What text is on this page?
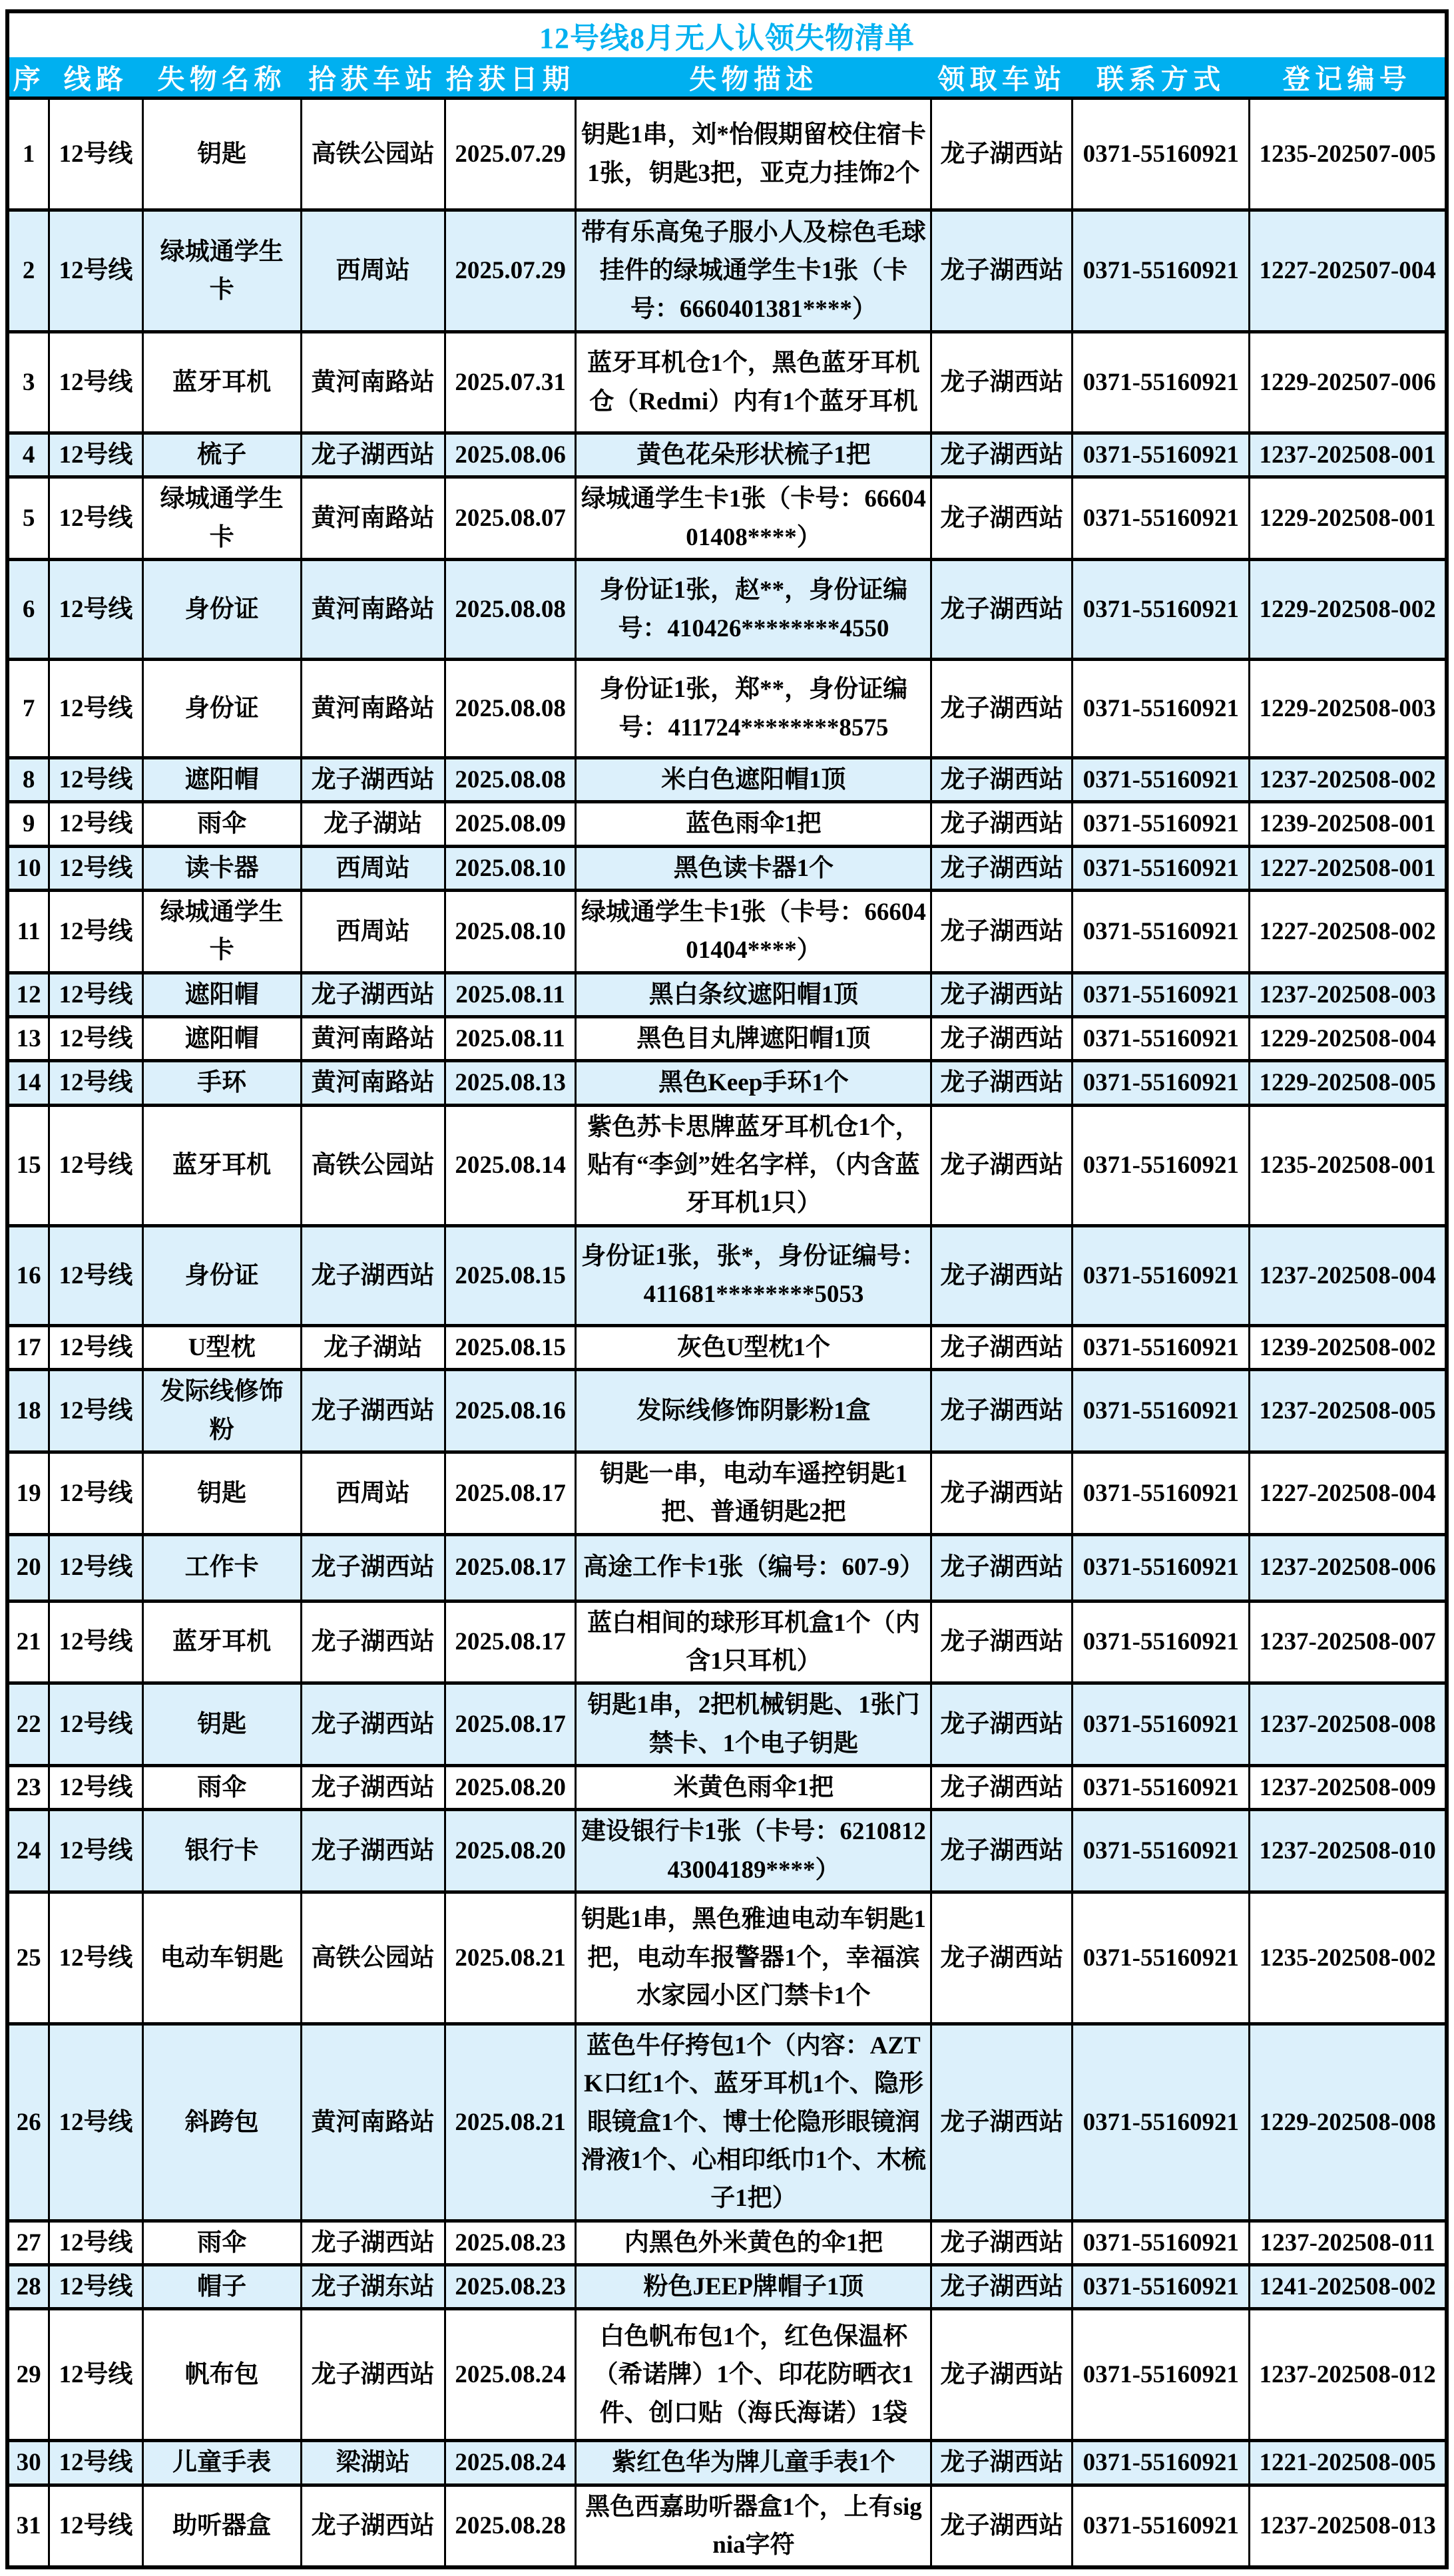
12号线8月无人认领失物清单								
序	线路	失物名称	拾获车站	拾获日期	失物描述	领取车站	联系方式	登记编号
1	12号线	钥匙	高铁公园站	2025.07.29	钥匙1串，刘*怡假期留校住宿卡1张，钥匙3把，亚克力挂饰2个	龙子湖西站	0371-55160921	1235-202507-005
2	12号线	绿城通学生卡	西周站	2025.07.29	带有乐高兔子服小人及棕色毛球挂件的绿城通学生卡1张（卡号：6660401381****）	龙子湖西站	0371-55160921	1227-202507-004
3	12号线	蓝牙耳机	黄河南路站	2025.07.31	蓝牙耳机仓1个，黑色蓝牙耳机仓（Redmi）内有1个蓝牙耳机	龙子湖西站	0371-55160921	1229-202507-006
4	12号线	梳子	龙子湖西站	2025.08.06	黄色花朵形状梳子1把	龙子湖西站	0371-55160921	1237-202508-001
5	12号线	绿城通学生卡	黄河南路站	2025.08.07	绿城通学生卡1张（卡号：6660401408****）	龙子湖西站	0371-55160921	1229-202508-001
6	12号线	身份证	黄河南路站	2025.08.08	身份证1张，赵**，身份证编号：410426********4550	龙子湖西站	0371-55160921	1229-202508-002
7	12号线	身份证	黄河南路站	2025.08.08	身份证1张，郑**，身份证编号：411724********8575	龙子湖西站	0371-55160921	1229-202508-003
8	12号线	遮阳帽	龙子湖西站	2025.08.08	米白色遮阳帽1顶	龙子湖西站	0371-55160921	1237-202508-002
9	12号线	雨伞	龙子湖站	2025.08.09	蓝色雨伞1把	龙子湖西站	0371-55160921	1239-202508-001
10	12号线	读卡器	西周站	2025.08.10	黑色读卡器1个	龙子湖西站	0371-55160921	1227-202508-001
11	12号线	绿城通学生卡	西周站	2025.08.10	绿城通学生卡1张（卡号：6660401404****）	龙子湖西站	0371-55160921	1227-202508-002
12	12号线	遮阳帽	龙子湖西站	2025.08.11	黑白条纹遮阳帽1顶	龙子湖西站	0371-55160921	1237-202508-003
13	12号线	遮阳帽	黄河南路站	2025.08.11	黑色目丸牌遮阳帽1顶	龙子湖西站	0371-55160921	1229-202508-004
14	12号线	手环	黄河南路站	2025.08.13	黑色Keep手环1个	龙子湖西站	0371-55160921	1229-202508-005
15	12号线	蓝牙耳机	高铁公园站	2025.08.14	紫色苏卡思牌蓝牙耳机仓1个，贴有“李剑”姓名字样，（内含蓝牙耳机1只）	龙子湖西站	0371-55160921	1235-202508-001
16	12号线	身份证	龙子湖西站	2025.08.15	身份证1张，张*，身份证编号：411681********5053	龙子湖西站	0371-55160921	1237-202508-004
17	12号线	U型枕	龙子湖站	2025.08.15	灰色U型枕1个	龙子湖西站	0371-55160921	1239-202508-002
18	12号线	发际线修饰粉	龙子湖西站	2025.08.16	发际线修饰阴影粉1盒	龙子湖西站	0371-55160921	1237-202508-005
19	12号线	钥匙	西周站	2025.08.17	钥匙一串，电动车遥控钥匙1把、普通钥匙2把	龙子湖西站	0371-55160921	1227-202508-004
20	12号线	工作卡	龙子湖西站	2025.08.17	高途工作卡1张（编号：607-9）	龙子湖西站	0371-55160921	1237-202508-006
21	12号线	蓝牙耳机	龙子湖西站	2025.08.17	蓝白相间的球形耳机盒1个（内含1只耳机）	龙子湖西站	0371-55160921	1237-202508-007
22	12号线	钥匙	龙子湖西站	2025.08.17	钥匙1串，2把机械钥匙、1张门禁卡、1个电子钥匙	龙子湖西站	0371-55160921	1237-202508-008
23	12号线	雨伞	龙子湖西站	2025.08.20	米黄色雨伞1把	龙子湖西站	0371-55160921	1237-202508-009
24	12号线	银行卡	龙子湖西站	2025.08.20	建设银行卡1张（卡号：621081243004189****）	龙子湖西站	0371-55160921	1237-202508-010
25	12号线	电动车钥匙	高铁公园站	2025.08.21	钥匙1串，黑色雅迪电动车钥匙1把，电动车报警器1个，幸福滨水家园小区门禁卡1个	龙子湖西站	0371-55160921	1235-202508-002
26	12号线	斜跨包	黄河南路站	2025.08.21	蓝色牛仔挎包1个（内容：AZTK口红1个、蓝牙耳机1个、隐形眼镜盒1个、博士伦隐形眼镜润滑液1个、心相印纸巾1个、木梳子1把）	龙子湖西站	0371-55160921	1229-202508-008
27	12号线	雨伞	龙子湖西站	2025.08.23	内黑色外米黄色的伞1把	龙子湖西站	0371-55160921	1237-202508-011
28	12号线	帽子	龙子湖东站	2025.08.23	粉色JEEP牌帽子1顶	龙子湖西站	0371-55160921	1241-202508-002
29	12号线	帆布包	龙子湖西站	2025.08.24	白色帆布包1个，红色保温杯（希诺牌）1个、印花防晒衣1件、创口贴（海氏海诺）1袋	龙子湖西站	0371-55160921	1237-202508-012
30	12号线	儿童手表	梁湖站	2025.08.24	紫红色华为牌儿童手表1个	龙子湖西站	0371-55160921	1221-202508-005
31	12号线	助听器盒	龙子湖西站	2025.08.28	黑色西嘉助听器盒1个，上有signia字符	龙子湖西站	0371-55160921	1237-202508-013
